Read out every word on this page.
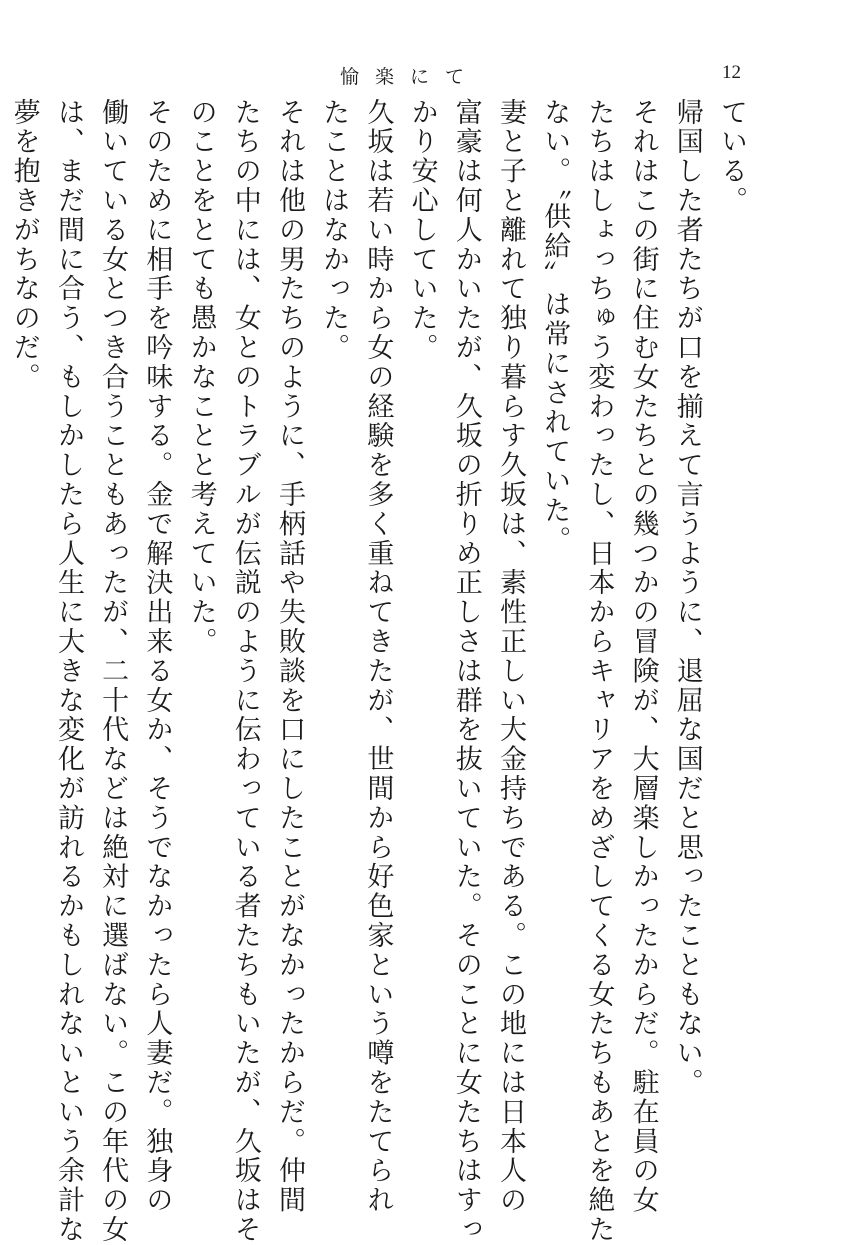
愉楽にて	12
ている。
帰国した者たちが口を揃えて言うように、退屈な国だと思ったこともない。
それはこの街に住む女たちとの幾つかの冒険が、大層楽しかったからだ。駐在員の女
たちはしょっちゅう変わったし、日本からキャリアをめざしてくる女たちもあとを絶た
ない。〝供給〟は常にされていた。
妻と子と離れて独り暮らす久坂は、素性正しい大金持ちである。この地には日本人の
富豪は何人かいたが、久坂の折りめ正しさは群を抜いていた。そのことに女たちはすっ
かり安心していた。
久坂は若い時から女の経験を多く重ねてきたが、世間から好色家という噂をたてられ
たことはなかった。
それは他の男たちのように、手柄話や失敗談を口にしたことがなかったからだ。仲間
たちの中には、女とのトラブルが伝説のように伝わっている者たちもいたが、久坂はそ
のことをとても愚かなことと考えていた。
そのために相手を吟味する。金で解決出来る女か、そうでなかったら人妻だ。独身の
働いている女とつき合うこともあったが、二十代などは絶対に選ばない。この年代の女
は、まだ間に合う、もしかしたら人生に大きな変化が訪れるかもしれないという余計な
夢を抱きがちなのだ。
